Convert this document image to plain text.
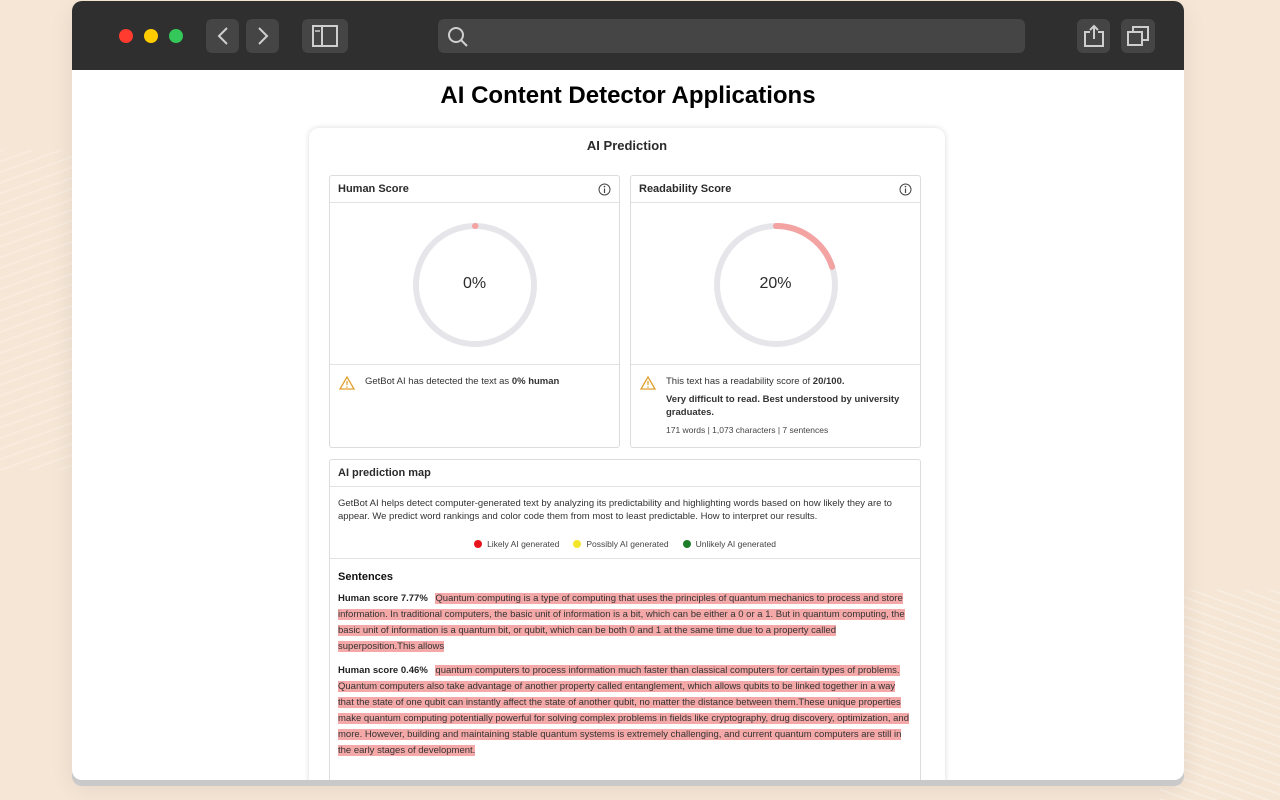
AI Content Detector Applications
AI Prediction
Human Score
0%
GetBot AI has detected the text as 0% human
Readability Score
20%
This text has a readability score of 20/100.
Very difficult to read. Best understood by university graduates.
171 words | 1,073 characters | 7 sentences
AI prediction map
GetBot AI helps detect computer-generated text by analyzing its predictability and highlighting words based on how likely they are to appear. We predict word rankings and color code them from most to least predictable. How to interpret our results.
Likely AI generated	Possibly AI generated	Unlikely AI generated
Sentences
Human score 7.77% Quantum computing is a type of computing that uses the principles of quantum mechanics to process and store information. In traditional computers, the basic unit of information is a bit, which can be either a 0 or a 1. But in quantum computing, the basic unit of information is a quantum bit, or qubit, which can be both 0 and 1 at the same time due to a property called superposition.This allows
Human score 0.46% quantum computers to process information much faster than classical computers for certain types of problems. Quantum computers also take advantage of another property called entanglement, which allows qubits to be linked together in a way that the state of one qubit can instantly affect the state of another qubit, no matter the distance between them.These unique properties make quantum computing potentially powerful for solving complex problems in fields like cryptography, drug discovery, optimization, and more. However, building and maintaining stable quantum systems is extremely challenging, and current quantum computers are still in the early stages of development.
